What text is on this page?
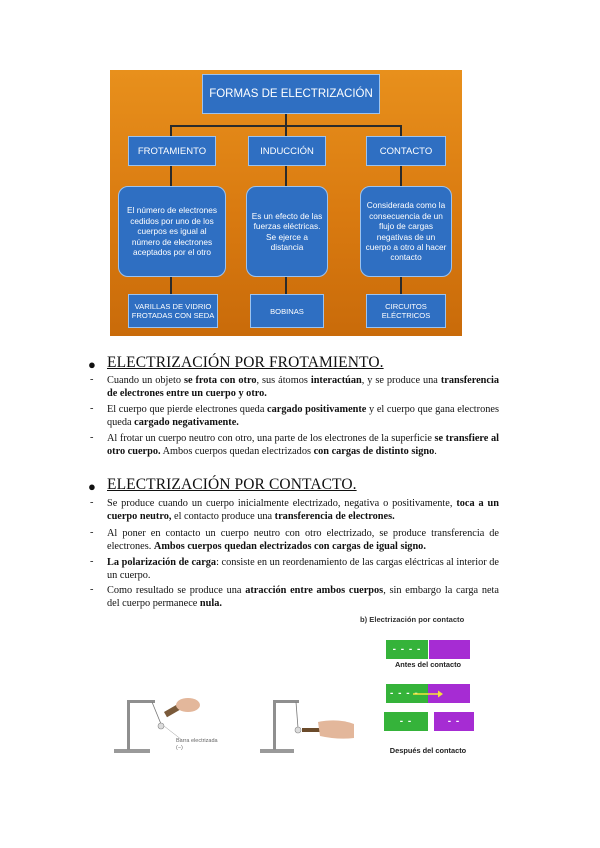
FORMAS DE ELECTRIZACIÓN
FROTAMIENTO	INDUCCIÓN	CONTACTO
El número de electrones cedidos por uno de los cuerpos es igual al número de electrones aceptados por el otro
Es un efecto de las fuerzas eléctricas. Se ejerce a distancia
Considerada como la consecuencia de un flujo de cargas negativas de un cuerpo a otro al hacer contacto
VARILLAS DE VIDRIO FROTADAS CON SEDA	BOBINAS
CIRCUITOS ELÉCTRICOS
● ELECTRIZACIÓN POR FROTAMIENTO.
- Cuando un objeto se frota con otro, sus átomos interactúan, y se produce una transferencia de electrones entre un cuerpo y otro.
- El cuerpo que pierde electrones queda cargado positivamente y el cuerpo que gana electrones queda cargado negativamente.
- Al frotar un cuerpo neutro con otro, una parte de los electrones de la superficie se transfiere al otro cuerpo. Ambos cuerpos quedan electrizados con cargas de distinto signo.
● ELECTRIZACIÓN POR CONTACTO.
- Se produce cuando un cuerpo inicialmente electrizado, negativa o positivamente, toca a un cuerpo neutro, el contacto produce una transferencia de electrones.
- Al poner en contacto un cuerpo neutro con otro electrizado, se produce transferencia de electrones. Ambos cuerpos quedan electrizados con cargas de igual signo.
- La polarización de carga: consiste en un reordenamiento de las cargas eléctricas al interior de un cuerpo.
- Como resultado se produce una atracción entre ambos cuerpos, sin embargo la carga neta del cuerpo permanece nula.
b) Electrización por contacto
- - - -
Antes del contacto
- - - -
- -	- -
Después del contacto
Barra electrizada (−)
